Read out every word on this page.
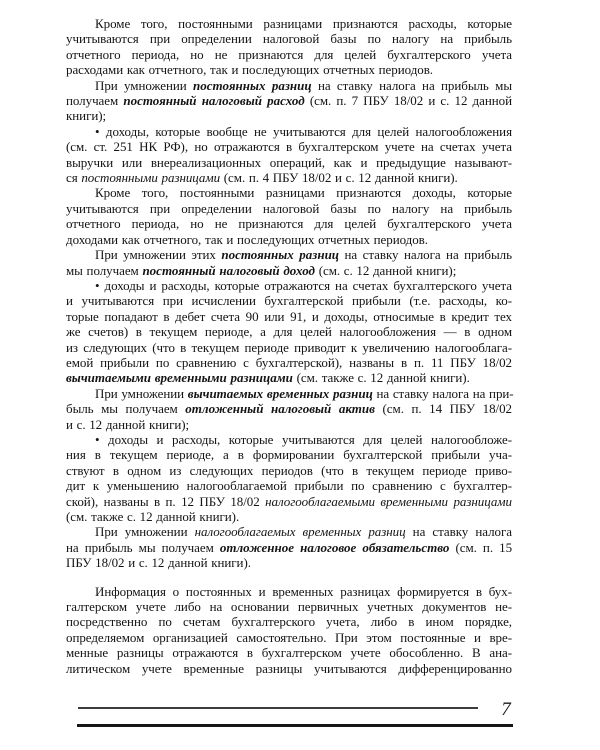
Кроме того, постоянными разницами признаются расходы, которые
учитываются при определении налоговой базы по налогу на прибыль
отчетного периода, но не признаются для целей бухгалтерского учета
расходами как отчетного, так и последующих отчетных периодов.
При умножении постоянных разниц на ставку налога на прибыль мы
получаем постоянный налоговый расход (см. п. 7 ПБУ 18/02 и с. 12 данной
книги);
• доходы, которые вообще не учитываются для целей налогообложения
(см. ст. 251 НК РФ), но отражаются в бухгалтерском учете на счетах учета
выручки или внереализационных операций, как и предыдущие называют-
ся постоянными разницами (см. п. 4 ПБУ 18/02 и с. 12 данной книги).
Кроме того, постоянными разницами признаются доходы, которые
учитываются при определении налоговой базы по налогу на прибыль
отчетного периода, но не признаются для целей бухгалтерского учета
доходами как отчетного, так и последующих отчетных периодов.
При умножении этих постоянных разниц на ставку налога на прибыль
мы получаем постоянный налоговый доход (см. с. 12 данной книги);
• доходы и расходы, которые отражаются на счетах бухгалтерского учета
и учитываются при исчислении бухгалтерской прибыли (т.е. расходы, ко-
торые попадают в дебет счета 90 или 91, и доходы, относимые в кредит тех
же счетов) в текущем периоде, а для целей налогообложения — в одном
из следующих (что в текущем периоде приводит к увеличению налогооблага-
емой прибыли по сравнению с бухгалтерской), названы в п. 11 ПБУ 18/02
вычитаемыми временными разницами (см. также с. 12 данной книги).
При умножении вычитаемых временных разниц на ставку налога на при-
быль мы получаем отложенный налоговый актив (см. п. 14 ПБУ 18/02
и с. 12 данной книги);
• доходы и расходы, которые учитываются для целей налогообложе-
ния в текущем периоде, а в формировании бухгалтерской прибыли уча-
ствуют в одном из следующих периодов (что в текущем периоде приво-
дит к уменьшению налогооблагаемой прибыли по сравнению с бухгалтер-
ской), названы в п. 12 ПБУ 18/02 налогооблагаемыми временными разницами
(см. также с. 12 данной книги).
При умножении налогооблагаемых временных разниц на ставку налога
на прибыль мы получаем отложенное налоговое обязательство (см. п. 15
ПБУ 18/02 и с. 12 данной книги).
Информация о постоянных и временных разницах формируется в бух-
галтерском учете либо на основании первичных учетных документов не-
посредственно по счетам бухгалтерского учета, либо в ином порядке,
определяемом организацией самостоятельно. При этом постоянные и вре-
менные разницы отражаются в бухгалтерском учете обособленно. В ана-
литическом учете временные разницы учитываются дифференцированно
7
